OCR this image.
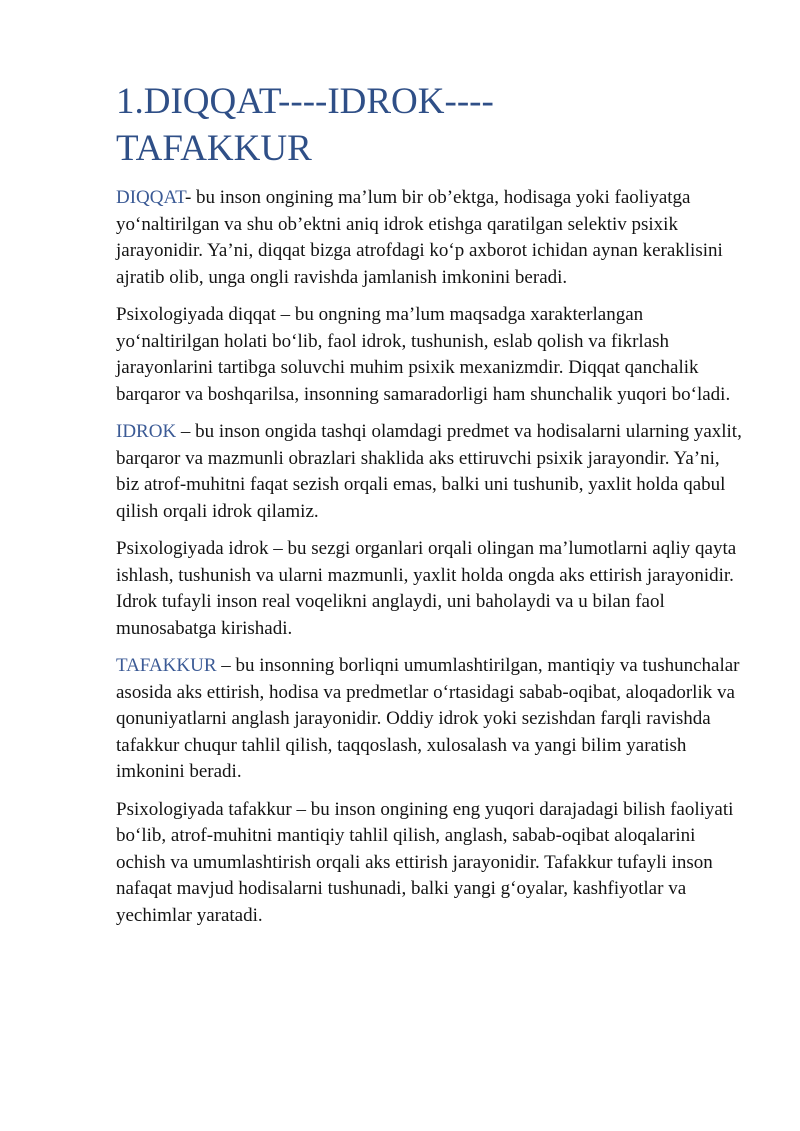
1.DIQQAT----IDROK----TAFAKKUR

DIQQAT- bu inson ongining ma’lum bir ob’ektga, hodisaga yoki faoliyatga yo‘naltirilgan va shu ob’ektni aniq idrok etishga qaratilgan selektiv psixik jarayonidir. Ya’ni, diqqat bizga atrofdagi ko‘p axborot ichidan aynan keraklisini ajratib olib, unga ongli ravishda jamlanish imkonini beradi.

Psixologiyada diqqat – bu ongning ma’lum maqsadga xarakterlangan yo‘naltirilgan holati bo‘lib, faol idrok, tushunish, eslab qolish va fikrlash jarayonlarini tartibga soluvchi muhim psixik mexanizmdir. Diqqat qanchalik barqaror va boshqarilsa, insonning samaradorligi ham shunchalik yuqori bo‘ladi.

IDROK – bu inson ongida tashqi olamdagi predmet va hodisalarni ularning yaxlit, barqaror va mazmunli obrazlari shaklida aks ettiruvchi psixik jarayondir. Ya’ni, biz atrof-muhitni faqat sezish orqali emas, balki uni tushunib, yaxlit holda qabul qilish orqali idrok qilamiz.

Psixologiyada idrok – bu sezgi organlari orqali olingan ma’lumotlarni aqliy qayta ishlash, tushunish va ularni mazmunli, yaxlit holda ongda aks ettirish jarayonidir. Idrok tufayli inson real voqelikni anglaydi, uni baholaydi va u bilan faol munosabatga kirishadi.

TAFAKKUR – bu insonning borliqni umumlashtirilgan, mantiqiy va tushunchalar asosida aks ettirish, hodisa va predmetlar o‘rtasidagi sabab-oqibat, aloqadorlik va qonuniyatlarni anglash jarayonidir. Oddiy idrok yoki sezishdan farqli ravishda tafakkur chuqur tahlil qilish, taqqoslash, xulosalash va yangi bilim yaratish imkonini beradi.

Psixologiyada tafakkur – bu inson ongining eng yuqori darajadagi bilish faoliyati bo‘lib, atrof-muhitni mantiqiy tahlil qilish, anglash, sabab-oqibat aloqalarini ochish va umumlashtirish orqali aks ettirish jarayonidir. Tafakkur tufayli inson nafaqat mavjud hodisalarni tushunadi, balki yangi g‘oyalar, kashfiyotlar va yechimlar yaratadi.
